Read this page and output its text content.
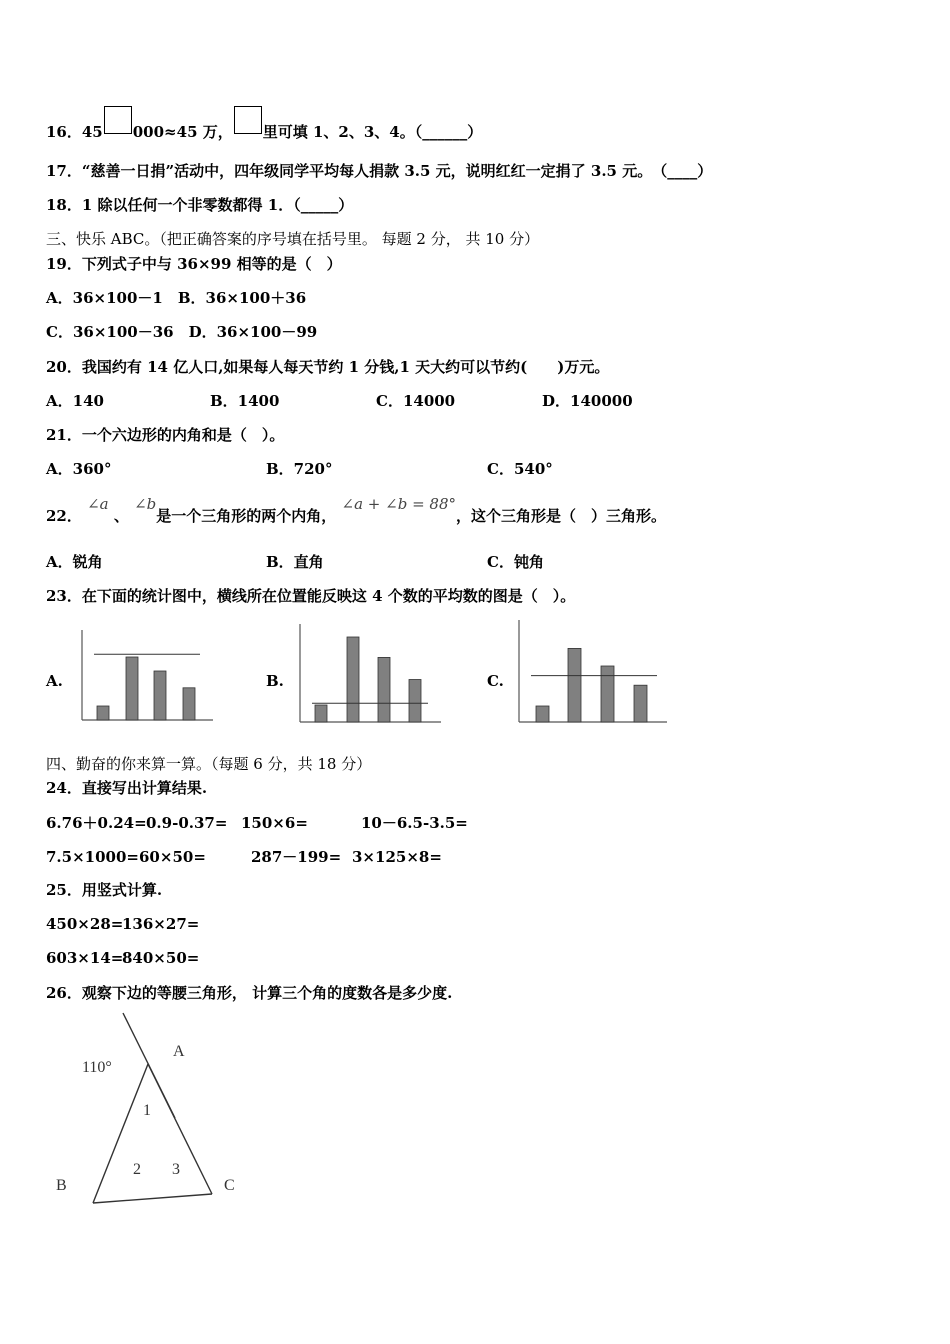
16．45 000≈45 万， 里可填 1、2、3、4。（______）
17．“慈善一日捐”活动中，四年级同学平均每人捐款 3.5 元，说明红红一定捐了 3.5 元。　（____）
18．1 除以任何一个非零数都得 1．（_____）
三、快乐 ABC。（把正确答案的序号填在括号里。 每题 2 分， 共 10 分）
19．下列式子中与 36×99 相等的是（　）
A．36×100－1　B．36×100＋36
C．36×100－36　D．36×100－99
20．我国约有 14 亿人口,如果每人每天节约 1 分钱,1 天大约可以节约(　　)万元。
A．140	B．1400	C．14000	D．140000
21．一个六边形的内角和是（　）。
A．360°	B．720°	C．540°
22． ∠a 、 ∠b是一个三角形的两个内角， ∠a + ∠b = 88°，这个三角形是（　）三角形。
A．锐角	B．直角	C．钝角
23．在下面的统计图中，横线所在位置能反映这 4 个数的平均数的图是（　）。
A.	B.	C.
四、勤奋的你来算一算。（每题 6 分，共 18 分）
24．直接写出计算结果.
6.76＋0.24= 0.9-0.37= 150×6=	10－6.5-3.5=
7.5×1000= 60×50=	287－199= 3×125×8=
25．用竖式计算.
450×28=
136×27=
603×14=
840×50=
26．观察下边的等腰三角形， 计算三个角的度数各是多少度.
110°
A
B	C
1
2 3
